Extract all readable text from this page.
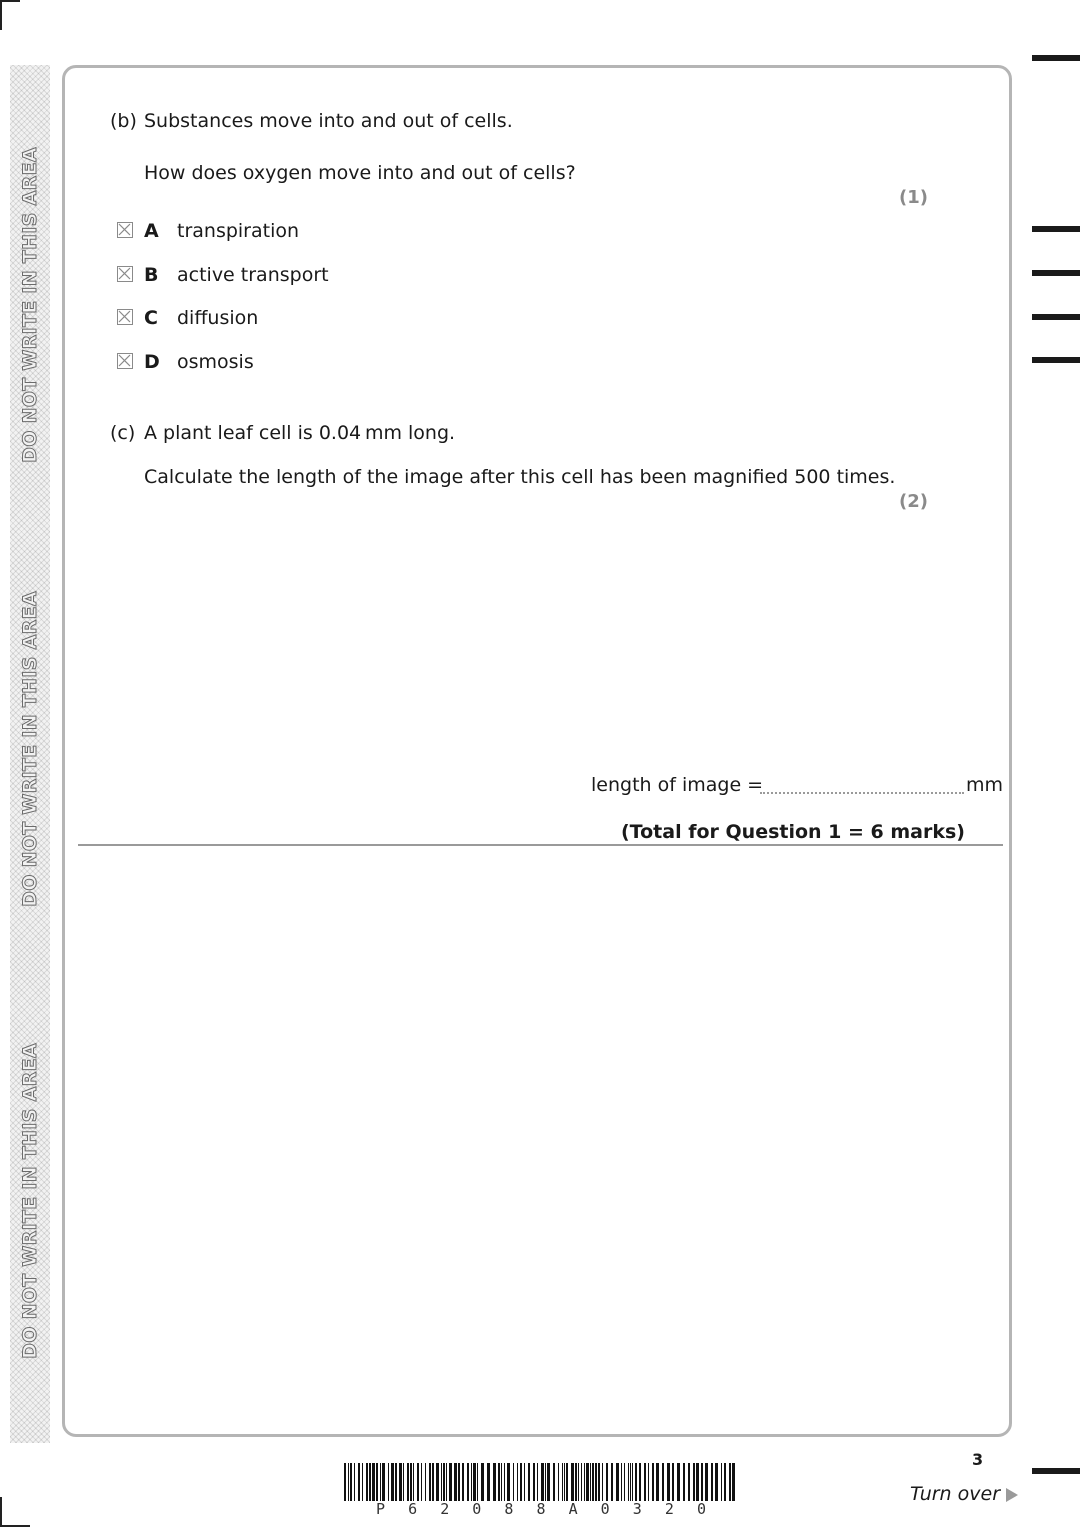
DO NOT WRITE IN THIS AREA
DO NOT WRITE IN THIS AREA
DO NOT WRITE IN THIS AREA
(b) Substances move into and out of cells.
How does oxygen move into and out of cells?
(1)
A transpiration
B active transport
C diffusion
D osmosis
(c) A plant leaf cell is 0.04 mm long.
Calculate the length of the image after this cell has been magnified 500 times.
(2)
length of image =	mm
(Total for Question 1 = 6 marks)
P 6 2 0 8 8 A 0 3 2 0
3
Turn over
